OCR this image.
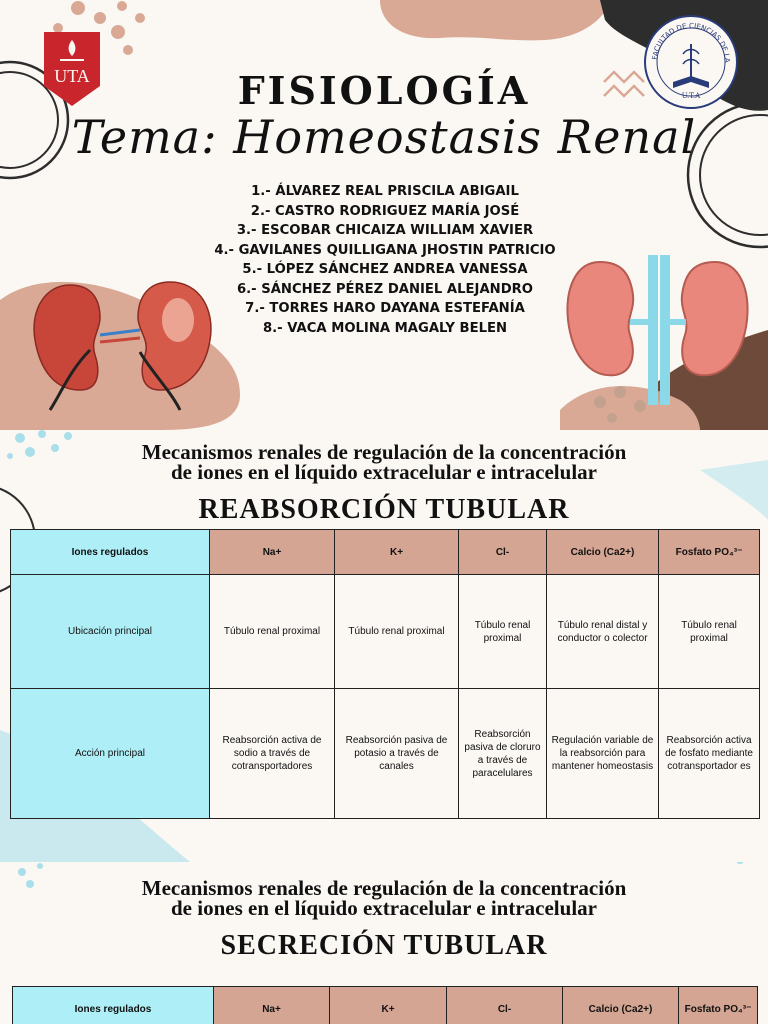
UTA
FACULTAD DE CIENCIAS DE LA
U.T.A
FISIOLOGÍA
Tema: Homeostasis Renal
1.- ÁLVAREZ REAL PRISCILA ABIGAIL
2.- CASTRO RODRIGUEZ MARÍA JOSÉ
3.- ESCOBAR CHICAIZA WILLIAM XAVIER
4.- GAVILANES QUILLIGANA JHOSTIN PATRICIO
5.- LÓPEZ SÁNCHEZ ANDREA VANESSA
6.- SÁNCHEZ PÉREZ DANIEL ALEJANDRO
7.- TORRES HARO DAYANA ESTEFANÍA
8.- VACA MOLINA MAGALY BELEN
Mecanismos renales de regulación de la concentración
de iones en el líquido extracelular e intracelular
REABSORCIÓN TUBULAR
Iones regulados	Na+	K+	Cl-	Calcio (Ca2+)	Fosfato PO₄³⁻
Ubicación principal	Túbulo renal proximal	Túbulo renal proximal	Túbulo renal proximal	Túbulo renal distal y conductor o colector	Túbulo renal proximal
Acción principal	Reabsorción activa de sodio a través de cotransportadores	Reabsorción pasiva de potasio a través de canales	Reabsorción pasiva de cloruro a través de paracelulares	Regulación variable de la reabsorción para mantener homeostasis	Reabsorción activa de fosfato mediante cotransportador es
Mecanismos renales de regulación de la concentración
de iones en el líquido extracelular e intracelular
SECRECIÓN TUBULAR
Iones regulados	Na+	K+	Cl-	Calcio (Ca2+)	Fosfato PO₄³⁻
